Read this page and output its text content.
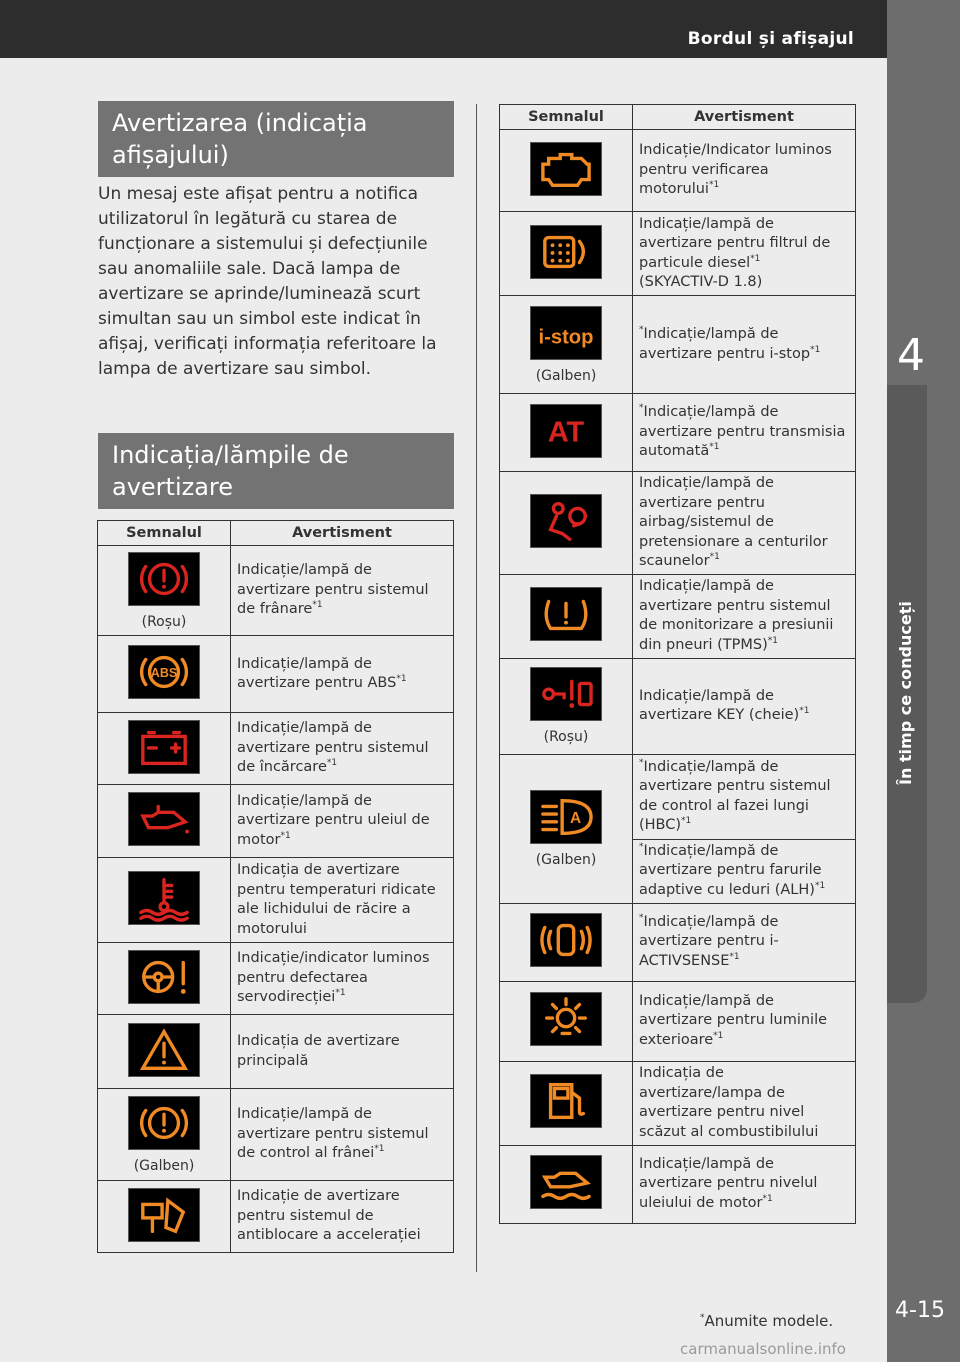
Bordul și afișajul
4
În timp ce conduceți
4-15
Avertizarea (indicația afișajului)
Un mesaj este afișat pentru a notifica utilizatorul în legătură cu starea de funcționare a sistemului și defecțiunile sau anomaliile sale. Dacă lampa de avertizare se aprinde/luminează scurt simultan sau un simbol este indicat în afișaj, verificați informația referitoare la lampa de avertizare sau simbol.
Indicația/lămpile de avertizare
Semnalul	Avertisment

(Roșu)	Indicație/lampă de avertizare pentru sistemul de frânare$^{*1}$

ABS	Indicație/lampă de avertizare pentru ABS$^{*1}$

	Indicație/lampă de avertizare pentru sistemul de încărcare$^{*1}$

	Indicație/lampă de avertizare pentru uleiul de motor$^{*1}$

	Indicația de avertizare pentru temperaturi ridicate ale lichidului de răcire a motorului

	Indicație/indicator luminos pentru defectarea servodirecției$^{*1}$

	Indicația de avertizare principală

(Galben)	Indicație/lampă de avertizare pentru sistemul de control al frânei$^{*1}$

	Indicație de avertizare pentru sistemul de antiblocare a accelerației
Semnalul	Avertisment

	Indicație/Indicator luminos pentru verificarea motorului$^{*1}$

	Indicație/lampă de avertizare pentru filtrul de particule diesel$^{*1}$
(SKYACTIV-D 1.8)

i-stop
(Galben)	*Indicație/lampă de avertizare pentru i-stop$^{*1}$

AT	*Indicație/lampă de avertizare pentru transmisia automată$^{*1}$

	Indicație/lampă de avertizare pentru airbag/sistemul de pretensionare a centurilor scaunelor$^{*1}$

	Indicație/lampă de avertizare pentru sistemul de monitorizare a presiunii din pneuri (TPMS)$^{*1}$

(Roșu)	Indicație/lampă de avertizare KEY (cheie)$^{*1}$

A
(Galben)	*Indicație/lampă de avertizare pentru sistemul de control al fazei lungi (HBC)$^{*1}$
	*Indicație/lampă de avertizare pentru farurile adaptive cu leduri (ALH)$^{*1}$

	*Indicație/lampă de avertizare pentru i-ACTIVSENSE$^{*1}$

	Indicație/lampă de avertizare pentru luminile exterioare$^{*1}$

	Indicația de avertizare/lampa de avertizare pentru nivel scăzut al combustibilului

	Indicație/lampă de avertizare pentru nivelul uleiului de motor$^{*1}$
*Anumite modele.
carmanualsonline.info
